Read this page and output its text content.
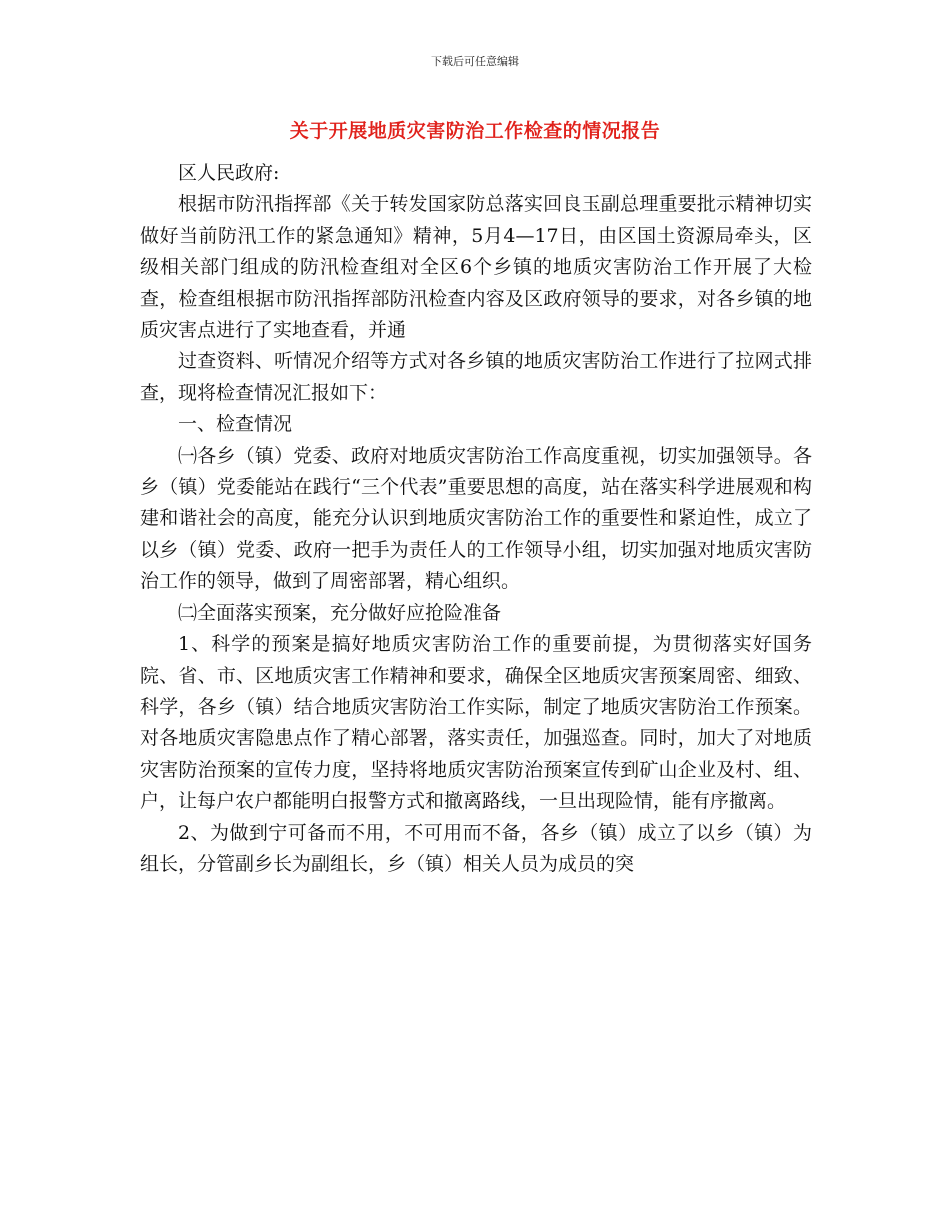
下载后可任意编辑
关于开展地质灾害防治工作检查的情况报告

区人民政府:

根据市防汛指挥部《关于转发国家防总落实回良玉副总理重要批示精神切实做好当前防汛工作的紧急通知》精神，5月4—17日，由区国土资源局牵头，区级相关部门组成的防汛检查组对全区6个乡镇的地质灾害防治工作开展了大检查，检查组根据市防汛指挥部防汛检查内容及区政府领导的要求，对各乡镇的地质灾害点进行了实地查看，并通

过查资料、听情况介绍等方式对各乡镇的地质灾害防治工作进行了拉网式排查，现将检查情况汇报如下：

一、检查情况

㈠各乡（镇）党委、政府对地质灾害防治工作高度重视，切实加强领导。各乡（镇）党委能站在践行“三个代表”重要思想的高度，站在落实科学进展观和构建和谐社会的高度，能充分认识到地质灾害防治工作的重要性和紧迫性，成立了以乡（镇）党委、政府一把手为责任人的工作领导小组，切实加强对地质灾害防治工作的领导，做到了周密部署，精心组织。

㈡全面落实预案，充分做好应抢险准备

1、科学的预案是搞好地质灾害防治工作的重要前提，为贯彻落实好国务院、省、市、区地质灾害工作精神和要求，确保全区地质灾害预案周密、细致、科学，各乡（镇）结合地质灾害防治工作实际，制定了地质灾害防治工作预案。对各地质灾害隐患点作了精心部署，落实责任，加强巡查。同时，加大了对地质灾害防治预案的宣传力度，坚持将地质灾害防治预案宣传到矿山企业及村、组、户，让每户农户都能明白报警方式和撤离路线，一旦出现险情，能有序撤离。

2、为做到宁可备而不用，不可用而不备，各乡（镇）成立了以乡（镇）为组长，分管副乡长为副组长，乡（镇）相关人员为成员的突
